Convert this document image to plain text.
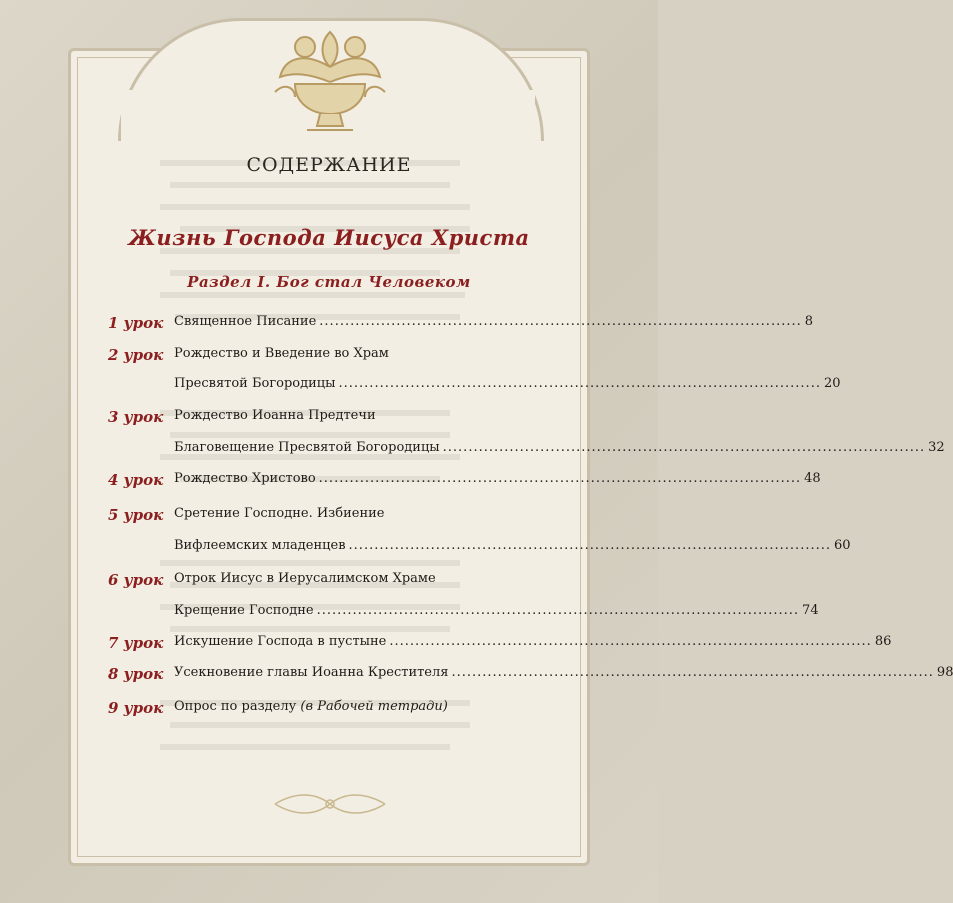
СОДЕРЖАНИЕ
Жизнь Господа Иисуса Христа
Раздел I. Бог стал Человеком
1 урок Священное Писание .............................................................................................. 8
2 урок Рождество и Введение во Храм
Пресвятой Богородицы .............................................................................................. 20
3 урок Рождество Иоанна Предтечи
Благовещение Пресвятой Богородицы .............................................................................................. 32
4 урок Рождество Христово .............................................................................................. 48
5 урок Сретение Господне. Избиение
Вифлеемских младенцев .............................................................................................. 60
6 урок Отрок Иисус в Иерусалимском Храме
Крещение Господне .............................................................................................. 74
7 урок Искушение Господа в пустыне .............................................................................................. 86
8 урок Усекновение главы Иоанна Крестителя .............................................................................................. 98
9 урок Опрос по разделу (в Рабочей тетради)
